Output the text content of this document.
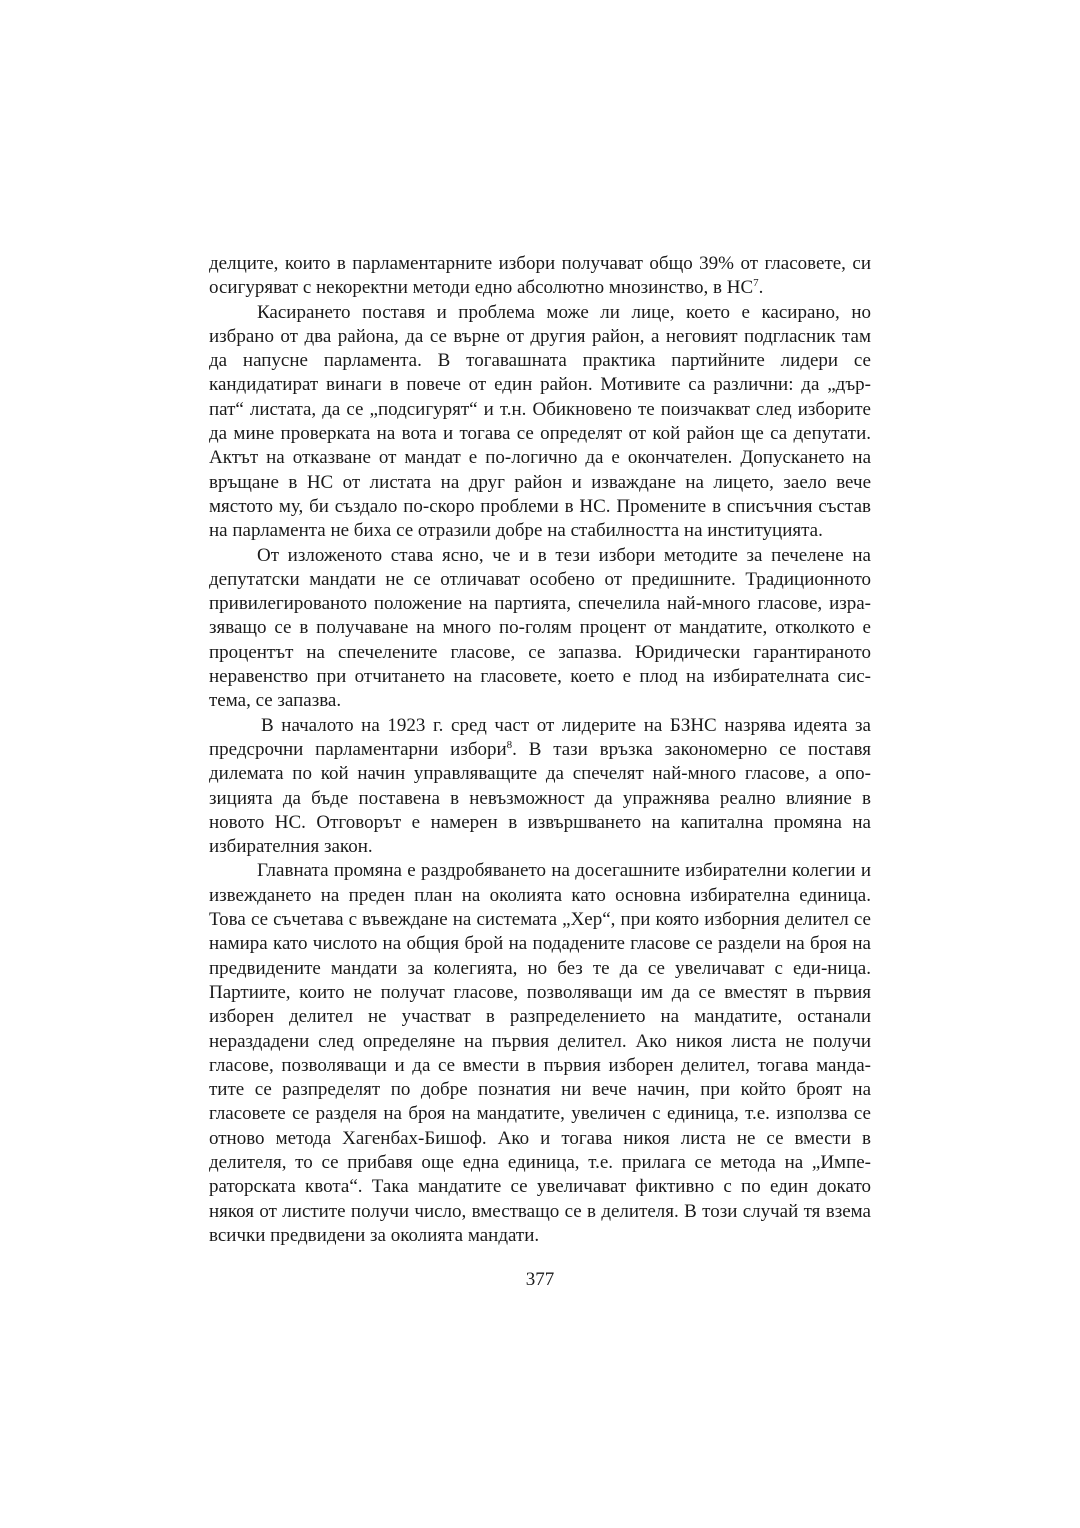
делците, които в парламентарните избори получават общо 39% от гласовете, си осигуряват с некоректни методи едно абсолютно мнозинство, в $НС^7$.

Касирането поставя и проблема може ли лице, което е касирано, но избрано от два района, да се върне от другия район, а неговият подгласник там да напусне парламента. В тогавашната практика партийните лидери се кандидатират винаги в повече от един район. Мотивите са различни: да „дър-пат“ листата, да се „подсигурят“ и т.н. Обикновено те поизчакват след изборите да мине проверката на вота и тогава се определят от кой район ще са депутати. Актът на отказване от мандат е по-логично да е окончателен. Допускането на връщане в НС от листата на друг район и изваждане на лицето, заело вече мястото му, би създало по-скоро проблеми в НС. Промените в списъчния състав на парламента не биха се отразили добре на стабилността на институцията.

От изложеното става ясно, че и в тези избори методите за печелене на депутатски мандати не се отличават особено от предишните. Традиционното привилегированото положение на партията, спечелила най-много гласове, изра-зяващо се в получаване на много по-голям процент от мандатите, отколкото е процентът на спечелените гласове, се запазва. Юридически гарантираното неравенство при отчитането на гласовете, което е плод на избирателната сис-тема, се запазва.

В началото на 1923 г. сред част от лидерите на БЗНС назрява идеята за предсрочни парламентарни избори$^8$. В тази връзка закономерно се поставя дилемата по кой начин управляващите да спечелят най-много гласове, а опо-зицията да бъде поставена в невъзможност да упражнява реално влияние в новото НС. Отговорът е намерен в извършването на капитална промяна на избирателния закон.

Главната промяна е раздробяването на досегашните избирателни колегии и извеждането на преден план на околията като основна избирателна единица. Това се съчетава с въвеждане на системата „Хер“, при която изборния делител се намира като числото на общия брой на подадените гласове се раздели на броя на предвидените мандати за колегията, но без те да се увеличават с еди-ница. Партиите, които не получат гласове, позволяващи им да се вместят в първия изборен делител не участват в разпределението на мандатите, останали нераздадени след определяне на първия делител. Ако никоя листа не получи гласове, позволяващи и да се вмести в първия изборен делител, тогава манда-тите се разпределят по добре познатия ни вече начин, при който броят на гласовете се разделя на броя на мандатите, увеличен с единица, т.е. използва се отново метода Хагенбах-Бишоф. Ако и тогава никоя листа не се вмести в делителя, то се прибавя още една единица, т.е. прилага се метода на „Импе-раторската квота“. Така мандатите се увеличават фиктивно с по един докато някоя от листите получи число, вместващо се в делителя. В този случай тя взема всички предвидени за околията мандати.

377
